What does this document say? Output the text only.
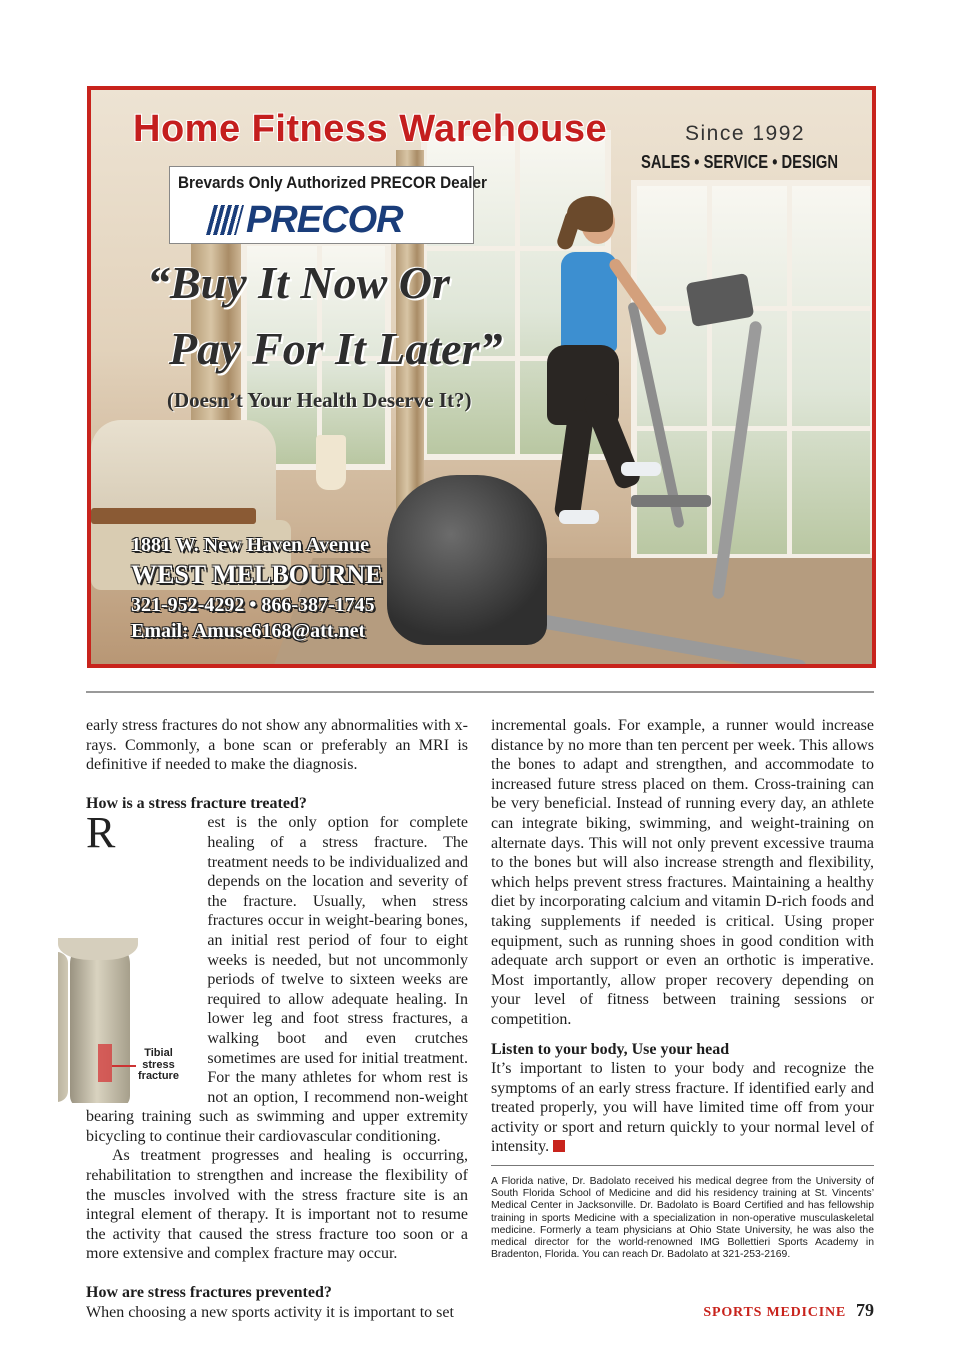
Home Fitness Warehouse	Since 1992
SALES • SERVICE • DESIGN
Brevards Only Authorized PRECOR Dealer
PRECOR
“Buy It Now Or
Pay For It Later”
(Doesn’t Your Health Deserve It?)
1881 W. New Haven Avenue
WEST MELBOURNE
321-952-4292 • 866-387-1745
Email: Amuse6168@att.net
Tibial
stress
fracture

early stress fractures do not show any abnormalities with x-rays. Commonly, a bone scan or preferably an MRI is definitive if needed to make the diagnosis.

How is a stress fracture treated?

R	est is the only option for complete healing of a stress fracture. The treatment needs to be individualized and depends on the location and severity of the fracture. Usually, when stress fractures occur in weight-bearing bones, an initial rest period of four to eight weeks is needed, but not uncommonly periods of twelve to sixteen weeks are required to allow adequate healing. In lower leg and foot stress fractures, a walking boot and even crutches sometimes are used for initial treatment. For the many athletes for whom rest is not an option, I recommend non-weight bearing training such as swimming and upper extremity bicycling to continue their cardiovascular conditioning.

As treatment progresses and healing is occurring, rehabilitation to strengthen and increase the flexibility of the muscles involved with the stress fracture site is an integral element of therapy. It is important not to resume the activity that caused the stress fracture too soon or a more extensive and complex fracture may occur.

How are stress fractures prevented?

When choosing a new sports activity it is important to set

incremental goals. For example, a runner would increase distance by no more than ten percent per week. This allows the bones to adapt and strengthen, and accommodate to increased future stress placed on them. Cross-training can be very beneficial. Instead of running every day, an athlete can integrate biking, swimming, and weight-training on alternate days. This will not only prevent excessive trauma to the bones but will also increase strength and flexibility, which helps prevent stress fractures. Maintaining a healthy diet by incorporating calcium and vitamin D-rich foods and taking supplements if needed is critical. Using proper equipment, such as running shoes in good condition with adequate arch support or even an orthotic is imperative. Most importantly, allow proper recovery depending on your level of fitness between training sessions or competition.

Listen to your body, Use your head

It’s important to listen to your body and recognize the symptoms of an early stress fracture. If identified early and treated properly, you will have limited time off from your activity or sport and return quickly to your normal level of intensity.

A Florida native, Dr. Badolato received his medical degree from the University of South Florida School of Medicine and did his residency training at St. Vincents’ Medical Center in Jacksonville. Dr. Badolato is Board Certified and has fellowship training in sports Medicine with a specialization in non-operative musculaskeletal medicine. Formerly a team physicians at Ohio State University, he was also the medical director for the world-renowned IMG Bollettieri Sports Academy in Bradenton, Florida. You can reach Dr. Badolato at 321-253-2169.
SPORTS MEDICINE 79
